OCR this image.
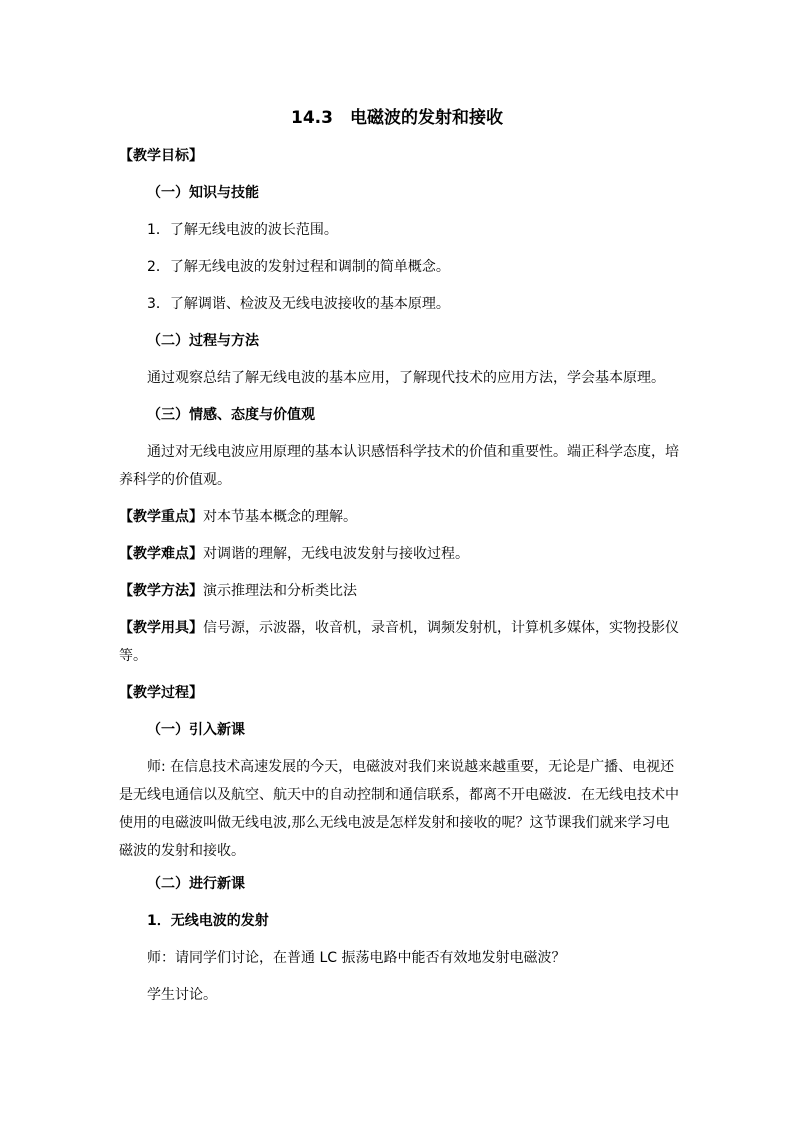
14.3　电磁波的发射和接收
【教学目标】
（一）知识与技能
1．了解无线电波的波长范围。
2．了解无线电波的发射过程和调制的简单概念。
3．了解调谐、检波及无线电波接收的基本原理。
（二）过程与方法
通过观察总结了解无线电波的基本应用，了解现代技术的应用方法，学会基本原理。
（三）情感、态度与价值观
通过对无线电波应用原理的基本认识感悟科学技术的价值和重要性。端正科学态度，培
养科学的价值观。
【教学重点】对本节基本概念的理解。
【教学难点】对调谐的理解，无线电波发射与接收过程。
【教学方法】演示推理法和分析类比法
【教学用具】信号源，示波器，收音机，录音机，调频发射机，计算机多媒体，实物投影仪
等。
【教学过程】
（一）引入新课
师: 在信息技术高速发展的今天，电磁波对我们来说越来越重要，无论是广播、电视还
是无线电通信以及航空、航天中的自动控制和通信联系，都离不开电磁波．在无线电技术中
使用的电磁波叫做无线电波,那么无线电波是怎样发射和接收的呢？这节课我们就来学习电
磁波的发射和接收。
（二）进行新课
1．无线电波的发射
师：请同学们讨论，在普通 LC 振荡电路中能否有效地发射电磁波？
学生讨论。
